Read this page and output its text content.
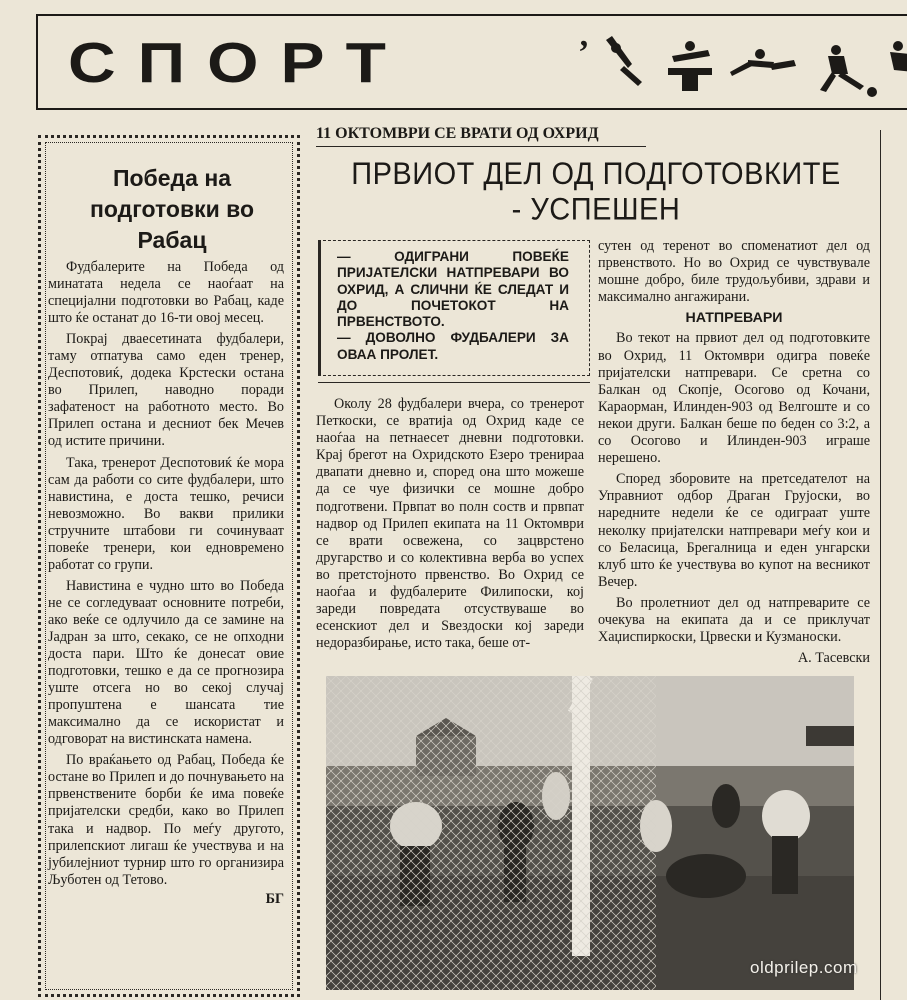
СПОРТ	’
Победа на подготовки во Рабац

Фудбалерите на Победа од минатата недела се наоѓаат на специјални подготовки во Рабац, каде што ќе останат до 16-ти овој месец.

Покрај дваесетината фудбалери, таму отпатува само еден тренер, Деспотовиќ, додека Крстески остана во Прилеп, наводно поради зафатеност на работното место. Во Прилеп остана и десниот бек Мечев од истите причини.

Така, тренерот Деспотовиќ ќе мора сам да работи со сите фудбалери, што навистина, е доста тешко, речиси невозможно. Во вакви прилики стручните штабови ги сочинуваат повеќе тренери, кои едновремено работат со групи.

Навистина е чудно што во Победа не се согледуваат основните потреби, ако веќе се одлучило да се замине на Јадран за што, секако, се не опходни доста пари. Што ќе донесат овие подготовки, тешко е да се прогнозира уште отсега но во секој случај пропуштена е шансата тие максимално да се искористат и одговорат на вистинската намена.

По враќањето од Рабац, Победа ќе остане во Прилеп и до почнувањето на првенствените борби ќе има повеќе пријателски средби, како во Прилеп така и надвор. По меѓу другото, прилепскиот лигаш ќе учествува и на јубилејниот турнир што го организира Љуботен од Тетово.

БГ

11 ОКТОМВРИ СЕ ВРАТИ ОД ОХРИД
ПРВИОТ ДЕЛ ОД ПОДГОТОВКИТЕ
- УСПЕШЕН

— ОДИГРАНИ ПОВЕЌЕ ПРИЈАТЕЛСКИ НАТПРЕВАРИ ВО ОХРИД, А СЛИЧНИ ЌЕ СЛЕДАТ И ДО ПОЧЕТОКОТ НА ПРВЕНСТВОТО.

— ДОВОЛНО ФУДБАЛЕРИ ЗА ОВАА ПРОЛЕТ.

Околу 28 фудбалери вчера, со тренерот Петкоски, се вратија од Охрид каде се наоѓаа на петнаесет дневни подготовки. Крај брегот на Охридското Езеро тренираа двапати дневно и, според она што можеше да се чуе физички се мошне добро подготвени. Првпат во полн соств и првпат надвор од Прилеп екипата на 11 Октомври се врати освежена, со зацврстено другарство и со колективна верба во успех во претстојното првенство. Во Охрид се наоѓаа и фудбалерите Филипоски, кој зареди повредата отсуствуваше во есенскиот дел и Ѕвездоски кој зареди недоразбирање, исто така, беше от-

сутен од теренот во споменатиот дел од првенството. Но во Охрид се чувствувале мошне добро, биле трудољубиви, здрави и максимално ангажирани.

НАТПРЕВАРИ

Во текот на првиот дел од подготовките во Охрид, 11 Октомври одигра повеќе пријателски натпревари. Се сретна со Балкан од Скопје, Осогово од Кочани, Караорман, Илинден-903 од Велгоште и со некои други. Балкан беше по беден со 3:2, а со Осогово и Илинден-903 играше нерешено.

Според зборовите на претседателот на Управниот одбор Драган Грујоски, во наредните недели ќе се одиграат уште неколку пријателски натпревари меѓу кои и со Беласица, Брегалница и еден унгарски клуб што ќе учествува во купот на весникот Вечер.

Во пролетниот дел од натпреварите се очекува на екипата да и се приклучат Хаџиспиркоски, Црвески и Кузманоски.

А. Тасевски

oldprilep.com
